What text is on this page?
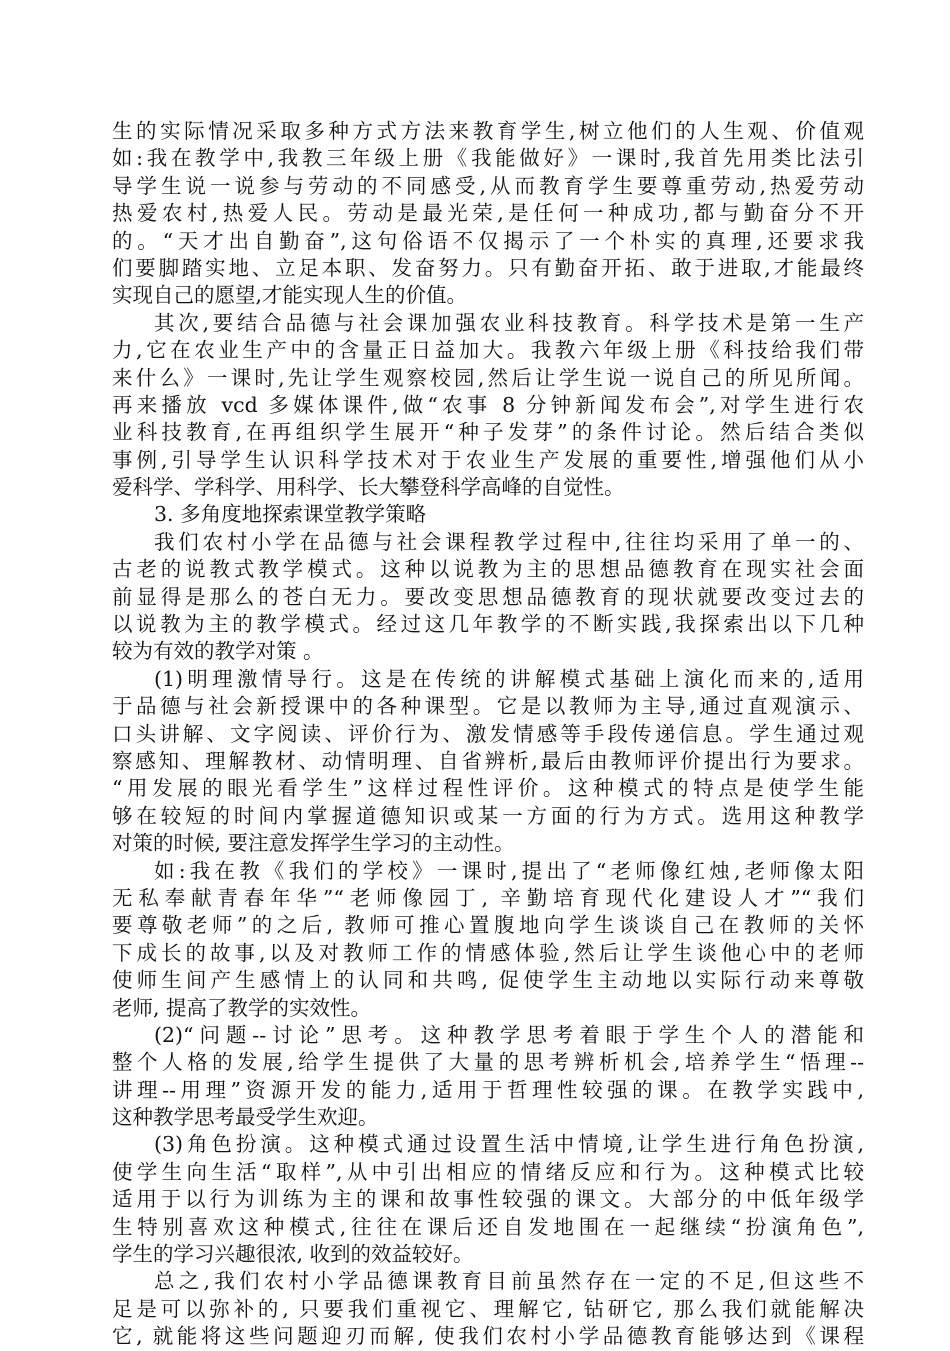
生的实际情况采取多种方式方法来教育学生,树立他们的人生观、价值观
如:我在教学中,我教三年级上册《我能做好》一课时,我首先用类比法引
导学生说一说参与劳动的不同感受,从而教育学生要尊重劳动,热爱劳动
热爱农村,热爱人民。劳动是最光荣,是任何一种成功,都与勤奋分不开
的。“天才出自勤奋”,这句俗语不仅揭示了一个朴实的真理,还要求我
们要脚踏实地、立足本职、发奋努力。只有勤奋开拓、敢于进取,才能最终
实现自己的愿望,才能实现人生的价值。
其次,要结合品德与社会课加强农业科技教育。科学技术是第一生产
力,它在农业生产中的含量正日益加大。我教六年级上册《科技给我们带
来什么》一课时,先让学生观察校园,然后让学生说一说自己的所见所闻。
再来播放 vcd 多媒体课件,做“农事 8 分钟新闻发布会”,对学生进行农
业科技教育,在再组织学生展开“种子发芽”的条件讨论。然后结合类似
事例,引导学生认识科学技术对于农业生产发展的重要性,增强他们从小
爱科学、学科学、用科学、长大攀登科学高峰的自觉性。
3. 多角度地探索课堂教学策略
我们农村小学在品德与社会课程教学过程中,往往均采用了单一的、
古老的说教式教学模式。这种以说教为主的思想品德教育在现实社会面
前显得是那么的苍白无力。要改变思想品德教育的现状就要改变过去的
以说教为主的教学模式。经过这几年教学的不断实践,我探索出以下几种
较为有效的教学对策 。
(1)明理激情导行。这是在传统的讲解模式基础上演化而来的,适用
于品德与社会新授课中的各种课型。它是以教师为主导,通过直观演示、
口头讲解、文字阅读、评价行为、激发情感等手段传递信息。学生通过观
察感知、理解教材、动情明理、自省辨析,最后由教师评价提出行为要求。
“用发展的眼光看学生”这样过程性评价。这种模式的特点是使学生能
够在较短的时间内掌握道德知识或某一方面的行为方式。选用这种教学
对策的时候, 要注意发挥学生学习的主动性。
如:我在教《我们的学校》一课时,提出了“老师像红烛,老师像太阳
无私奉献青春年华”“老师像园丁, 辛勤培育现代化建设人才”“我们
要尊敬老师”的之后, 教师可推心置腹地向学生谈谈自己在教师的关怀
下成长的故事,以及对教师工作的情感体验,然后让学生谈他心中的老师
使师生间产生感情上的认同和共鸣, 促使学生主动地以实际行动来尊敬
老师, 提高了教学的实效性。
(2)“问题--讨论”思考。这种教学思考着眼于学生个人的潜能和
整个人格的发展,给学生提供了大量的思考辨析机会,培养学生“悟理--
讲理--用理”资源开发的能力,适用于哲理性较强的课。在教学实践中,
这种教学思考最受学生欢迎。
(3)角色扮演。这种模式通过设置生活中情境,让学生进行角色扮演,
使学生向生活“取样”,从中引出相应的情绪反应和行为。这种模式比较
适用于以行为训练为主的课和故事性较强的课文。大部分的中低年级学
生特别喜欢这种模式,往往在课后还自发地围在一起继续“扮演角色”,
学生的学习兴趣很浓, 收到的效益较好。
总之,我们农村小学品德课教育目前虽然存在一定的不足,但这些不
足是可以弥补的, 只要我们重视它、理解它, 钻研它, 那么我们就能解决
它, 就能将这些问题迎刃而解, 使我们农村小学品德教育能够达到《课程
